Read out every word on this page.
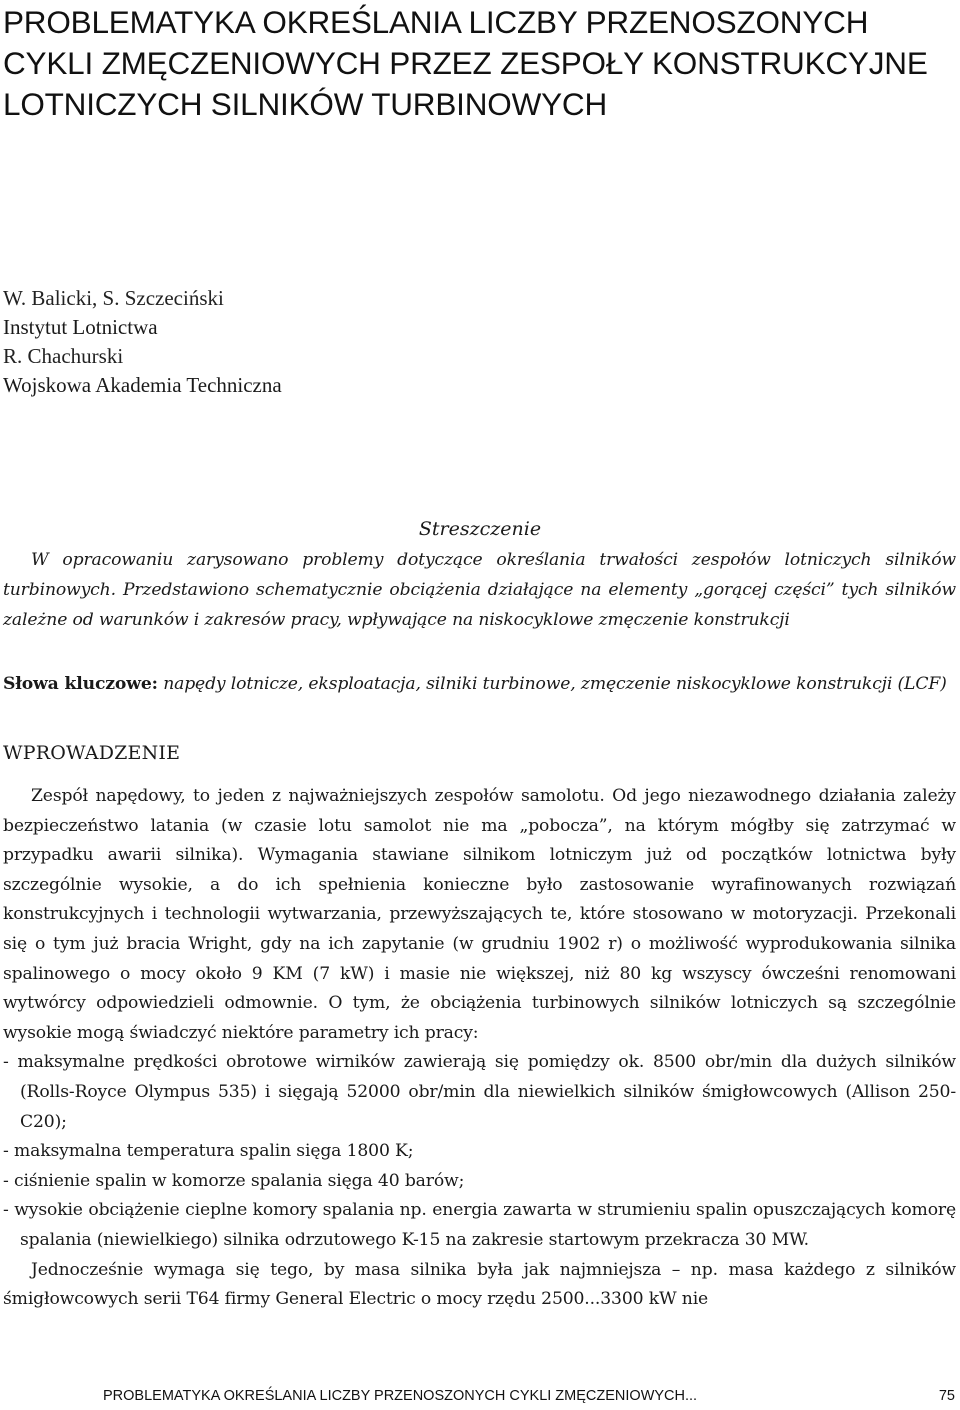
PROBLEMATYKA OKREŚLANIA LICZBY PRZENOSZONYCH CYKLI ZMĘCZENIOWYCH PRZEZ ZESPOŁY KONSTRUKCYJNE LOTNICZYCH SILNIKÓW TURBINOWYCH
W. Balicki, S. Szczeciński
Instytut Lotnictwa
R. Chachurski
Wojskowa Akademia Techniczna
Streszczenie

W opracowaniu zarysowano problemy dotyczące określania trwałości zespołów lotniczych silników turbinowych. Przedstawiono schematycznie obciążenia działające na elementy „gorącej części” tych silników zależne od warunków i zakresów pracy, wpływające na niskocyklowe zmęczenie konstrukcji

Słowa kluczowe: napędy lotnicze, eksploatacja, silniki turbinowe, zmęczenie niskocyklowe konstrukcji (LCF)

WPROWADZENIE

Zespół napędowy, to jeden z najważniejszych zespołów samolotu. Od jego niezawodnego działania zależy bezpieczeństwo latania (w czasie lotu samolot nie ma „pobocza”, na którym mógłby się zatrzymać w przypadku awarii silnika). Wymagania stawiane silnikom lotniczym już od początków lotnictwa były szczególnie wysokie, a do ich spełnienia konieczne było zastosowanie wyrafinowanych rozwiązań konstrukcyjnych i technologii wytwarzania, przewyższających te, które stosowano w motoryzacji. Przekonali się o tym już bracia Wright, gdy na ich zapytanie (w grudniu 1902 r) o możliwość wyprodukowania silnika spalinowego o mocy około 9 KM (7 kW) i masie nie większej, niż 80 kg wszyscy ówcześni renomowani wytwórcy odpowiedzieli odmownie. O tym, że obciążenia turbinowych silników lotniczych są szczególnie wysokie mogą świadczyć niektóre parametry ich pracy:

- maksymalne prędkości obrotowe wirników zawierają się pomiędzy ok. 8500 obr/min dla dużych silników (Rolls-Royce Olympus 535) i sięgają 52000 obr/min dla niewielkich silników śmigłowcowych (Allison 250-C20);
- maksymalna temperatura spalin sięga 1800 K;
- ciśnienie spalin w komorze spalania sięga 40 barów;
- wysokie obciążenie cieplne komory spalania np. energia zawarta w strumieniu spalin opuszczających komorę spalania (niewielkiego) silnika odrzutowego K-15 na zakresie startowym przekracza 30 MW.

Jednocześnie wymaga się tego, by masa silnika była jak najmniejsza – np. masa każdego z silników śmigłowcowych serii T64 firmy General Electric o mocy rzędu 2500...3300 kW nie

PROBLEMATYKA OKREŚLANIA LICZBY PRZENOSZONYCH CYKLI ZMĘCZENIOWYCH...	75
